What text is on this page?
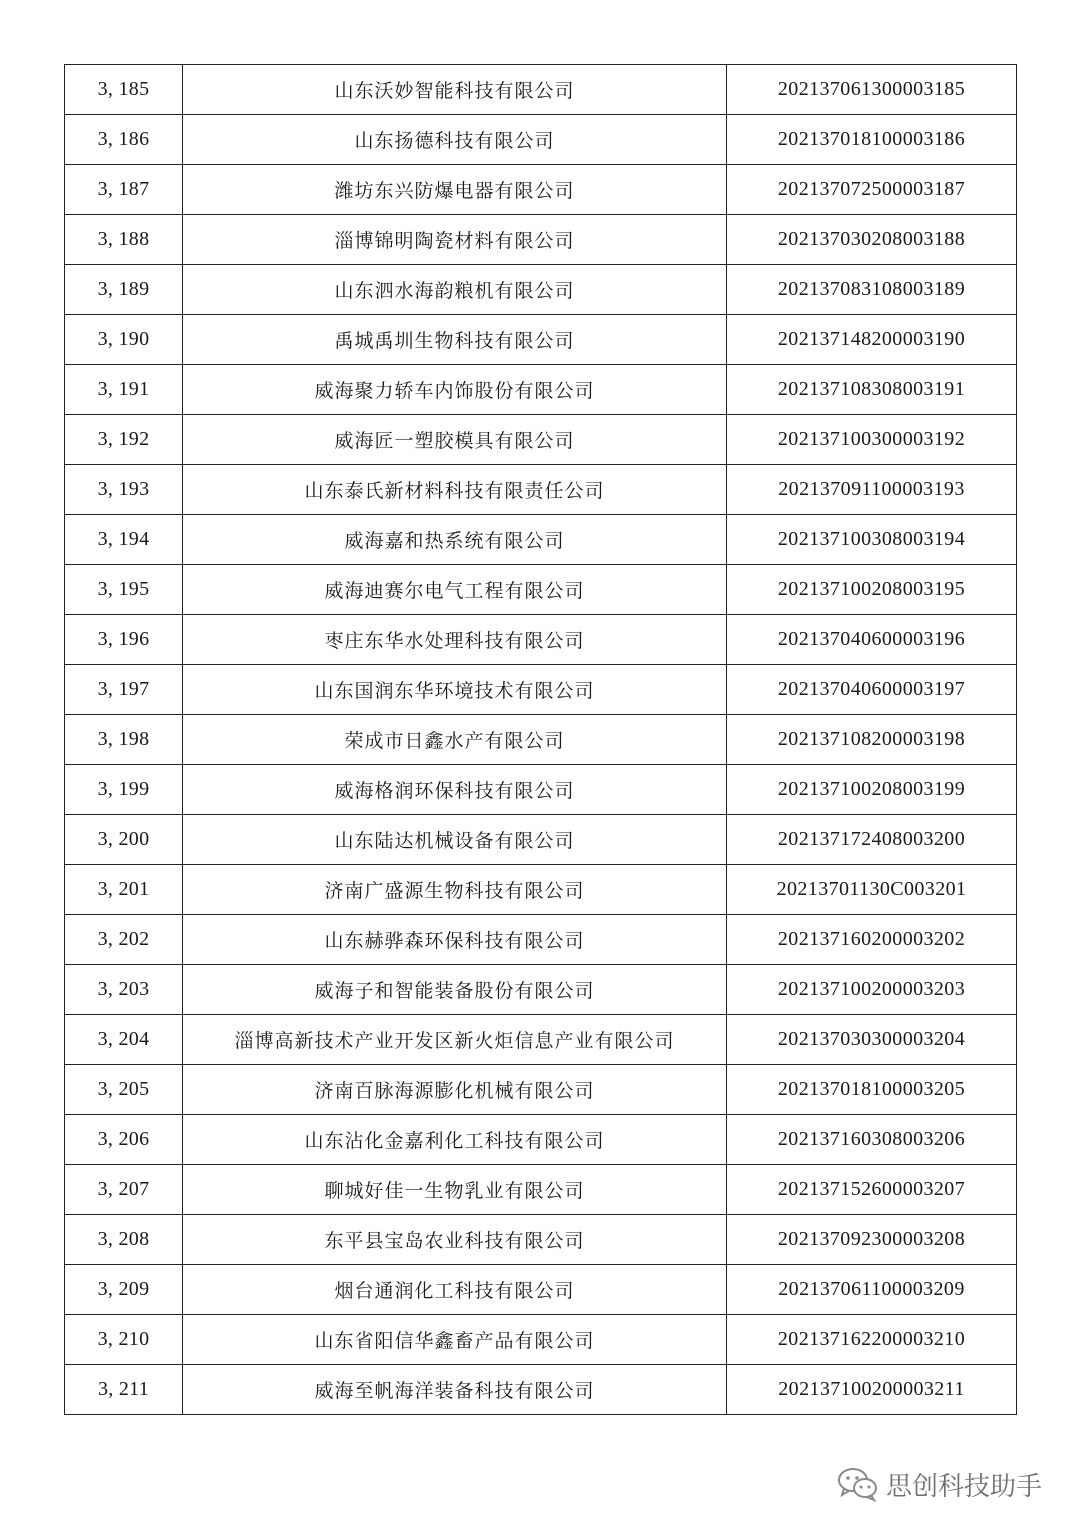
3, 185	山东沃妙智能科技有限公司	202137061300003185
3, 186	山东扬德科技有限公司	202137018100003186
3, 187	潍坊东兴防爆电器有限公司	202137072500003187
3, 188	淄博锦明陶瓷材料有限公司	202137030208003188
3, 189	山东泗水海韵粮机有限公司	202137083108003189
3, 190	禹城禹圳生物科技有限公司	202137148200003190
3, 191	威海聚力轿车内饰股份有限公司	202137108308003191
3, 192	威海匠一塑胶模具有限公司	202137100300003192
3, 193	山东泰氏新材料科技有限责任公司	202137091100003193
3, 194	威海嘉和热系统有限公司	202137100308003194
3, 195	威海迪赛尔电气工程有限公司	202137100208003195
3, 196	枣庄东华水处理科技有限公司	202137040600003196
3, 197	山东国润东华环境技术有限公司	202137040600003197
3, 198	荣成市日鑫水产有限公司	202137108200003198
3, 199	威海格润环保科技有限公司	202137100208003199
3, 200	山东陆达机械设备有限公司	202137172408003200
3, 201	济南广盛源生物科技有限公司	20213701130C003201
3, 202	山东赫骅森环保科技有限公司	202137160200003202
3, 203	威海子和智能装备股份有限公司	202137100200003203
3, 204	淄博高新技术产业开发区新火炬信息产业有限公司	202137030300003204
3, 205	济南百脉海源膨化机械有限公司	202137018100003205
3, 206	山东沾化金嘉利化工科技有限公司	202137160308003206
3, 207	聊城好佳一生物乳业有限公司	202137152600003207
3, 208	东平县宝岛农业科技有限公司	202137092300003208
3, 209	烟台通润化工科技有限公司	202137061100003209
3, 210	山东省阳信华鑫畜产品有限公司	202137162200003210
3, 211	威海至帆海洋装备科技有限公司	202137100200003211
思创科技助手
